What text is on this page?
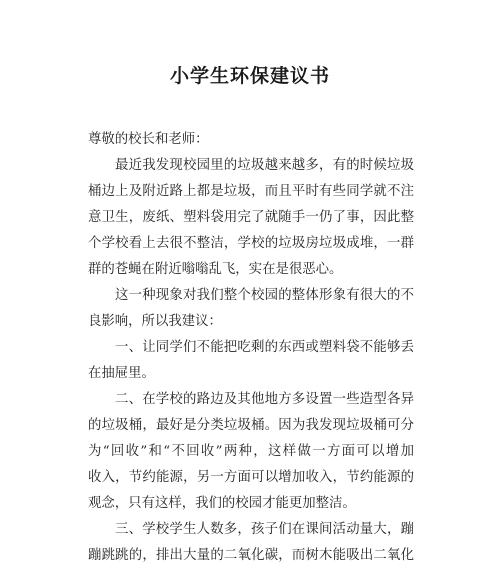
小学生环保建议书
尊敬的校长和老师：
最近我发现校园里的垃圾越来越多，有的时候垃圾
桶边上及附近路上都是垃圾，而且平时有些同学就不注
意卫生，废纸、塑料袋用完了就随手一仍了事，因此整
个学校看上去很不整洁，学校的垃圾房垃圾成堆，一群
群的苍蝇在附近嗡嗡乱飞，实在是很恶心。
这一种现象对我们整个校园的整体形象有很大的不
良影响，所以我建议：
一、让同学们不能把吃剩的东西或塑料袋不能够丢
在抽屉里。
二、在学校的路边及其他地方多设置一些造型各异
的垃圾桶，最好是分类垃圾桶。因为我发现垃圾桶可分
为“回收”和“不回收”两种，这样做一方面可以增加
收入，节约能源，另一方面可以增加收入，节约能源的
观念，只有这样，我们的校园才能更加整洁。
三、学校学生人数多，孩子们在课间活动量大，蹦
蹦跳跳的，排出大量的二氧化碳，而树木能吸出二氧化
